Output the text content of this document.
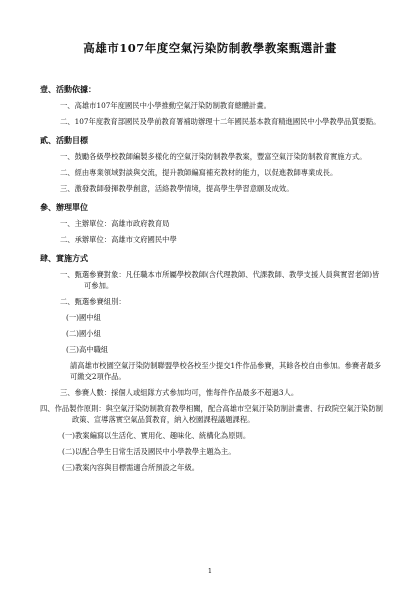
高雄市107年度空氣污染防制教學教案甄選計畫

壹、活動依據：

一、高雄市107年度國民中小學推動空氣汙染防制教育總體計畫。

二、107年度教育部國民及學前教育署補助辦理十二年國民基本教育精進國民中小學教學品質要點。

貳、活動目標

一、鼓勵各級學校教師編製多樣化的空氣汙染防制教學教案，豐富空氣汙染防制教育實施方式。

二、經由專業領域對談與交流，提升教師編寫補充教材的能力，以促進教師專業成長。

三、激發教師發揮教學創意，活絡教學情境，提高學生學習意願及成效。

參、辦理單位

一、主辦單位：高雄市政府教育局

二、承辦單位：高雄市文府國民中學

肆、實施方式

一、甄選參賽對象：凡任職本市所屬學校教師(含代理教師、代課教師、教學支援人員與實習老師)皆可參加。

二、甄選參賽組別：

(一)國中組

(二)國小組

(三)高中職組

請高雄市校園空氣汙染防制聯盟學校各校至少提交1件作品參賽，其餘各校自由參加。參賽者最多可繳交2項作品。

三、參賽人數：採個人或組隊方式參加均可，惟每件作品最多不超過3人。

四、作品製作原則：與空氣汙染防制教育教學相關，配合高雄市空氣汙染防制計畫書、行政院空氣汙染防制政策、宣導落實空氣品質教育，納入校園課程議題課程。

(一)教案編寫以生活化、實用化、趣味化、統構化為原則。

(二)以配合學生日常生活及國民中小學教學主題為主。

(三)教案內容與目標需適合所預設之年級。

1
